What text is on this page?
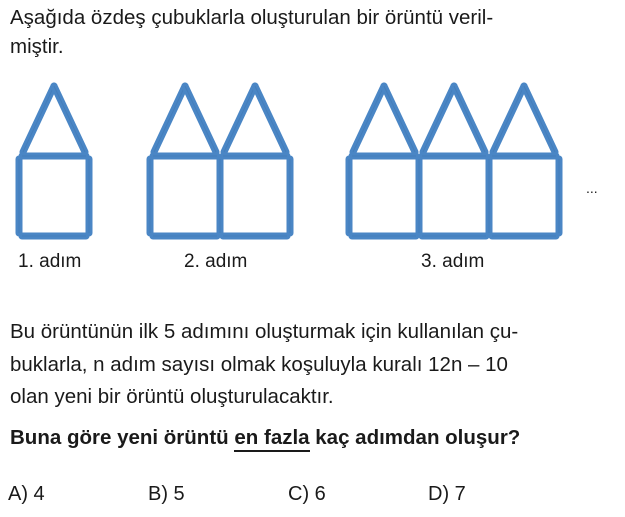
Aşağıda özdeş çubuklarla oluşturulan bir örüntü veril-
miştir.
1. adım	2. adım	3. adım
...
Bu örüntünün ilk 5 adımını oluşturmak için kullanılan çu-
buklarla, n adım sayısı olmak koşuluyla kuralı 12n – 10
olan yeni bir örüntü oluşturulacaktır.
Buna göre yeni örüntü en fazla kaç adımdan oluşur?
A) 4	B) 5	C) 6	D) 7
